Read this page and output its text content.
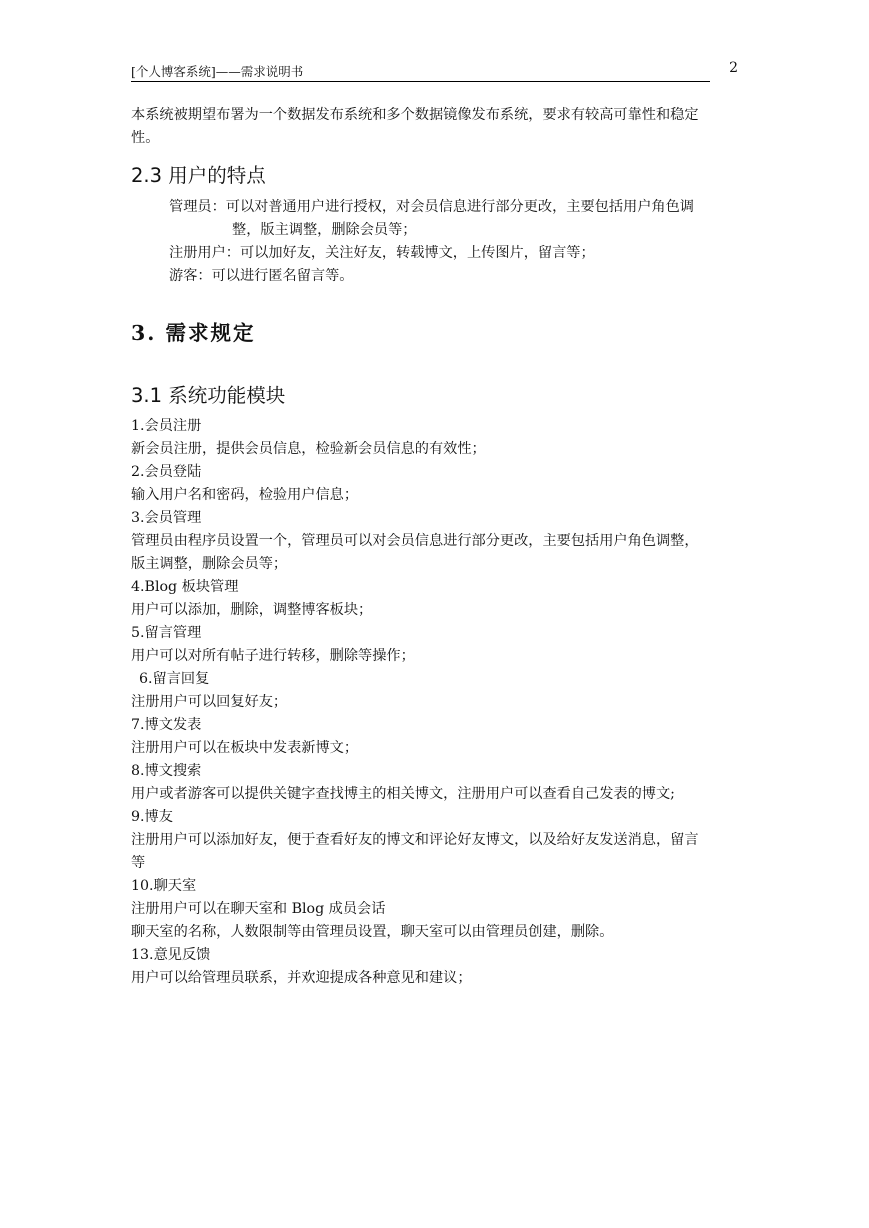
[个人博客系统]——需求说明书	2
本系统被期望布署为一个数据发布系统和多个数据镜像发布系统，要求有较高可靠性和稳定
性。
2.3 用户的特点
管理员：可以对普通用户进行授权，对会员信息进行部分更改，主要包括用户角色调
整，版主调整，删除会员等；
注册用户：可以加好友，关注好友，转载博文，上传图片，留言等；
游客：可以进行匿名留言等。
3. 需求规定
3.1 系统功能模块
1.会员注册
新会员注册，提供会员信息，检验新会员信息的有效性；
2.会员登陆
输入用户名和密码，检验用户信息；
3.会员管理
管理员由程序员设置一个，管理员可以对会员信息进行部分更改，主要包括用户角色调整，
版主调整，删除会员等；
4.Blog 板块管理
用户可以添加，删除，调整博客板块；
5.留言管理
用户可以对所有帖子进行转移，删除等操作；
6.留言回复
注册用户可以回复好友；
7.博文发表
注册用户可以在板块中发表新博文；
8.博文搜索
用户或者游客可以提供关键字查找博主的相关博文，注册用户可以查看自己发表的博文;
9.博友
注册用户可以添加好友，便于查看好友的博文和评论好友博文，以及给好友发送消息，留言
等
10.聊天室
注册用户可以在聊天室和 Blog 成员会话
聊天室的名称，人数限制等由管理员设置，聊天室可以由管理员创建，删除。
13.意见反馈
用户可以给管理员联系，并欢迎提成各种意见和建议；
